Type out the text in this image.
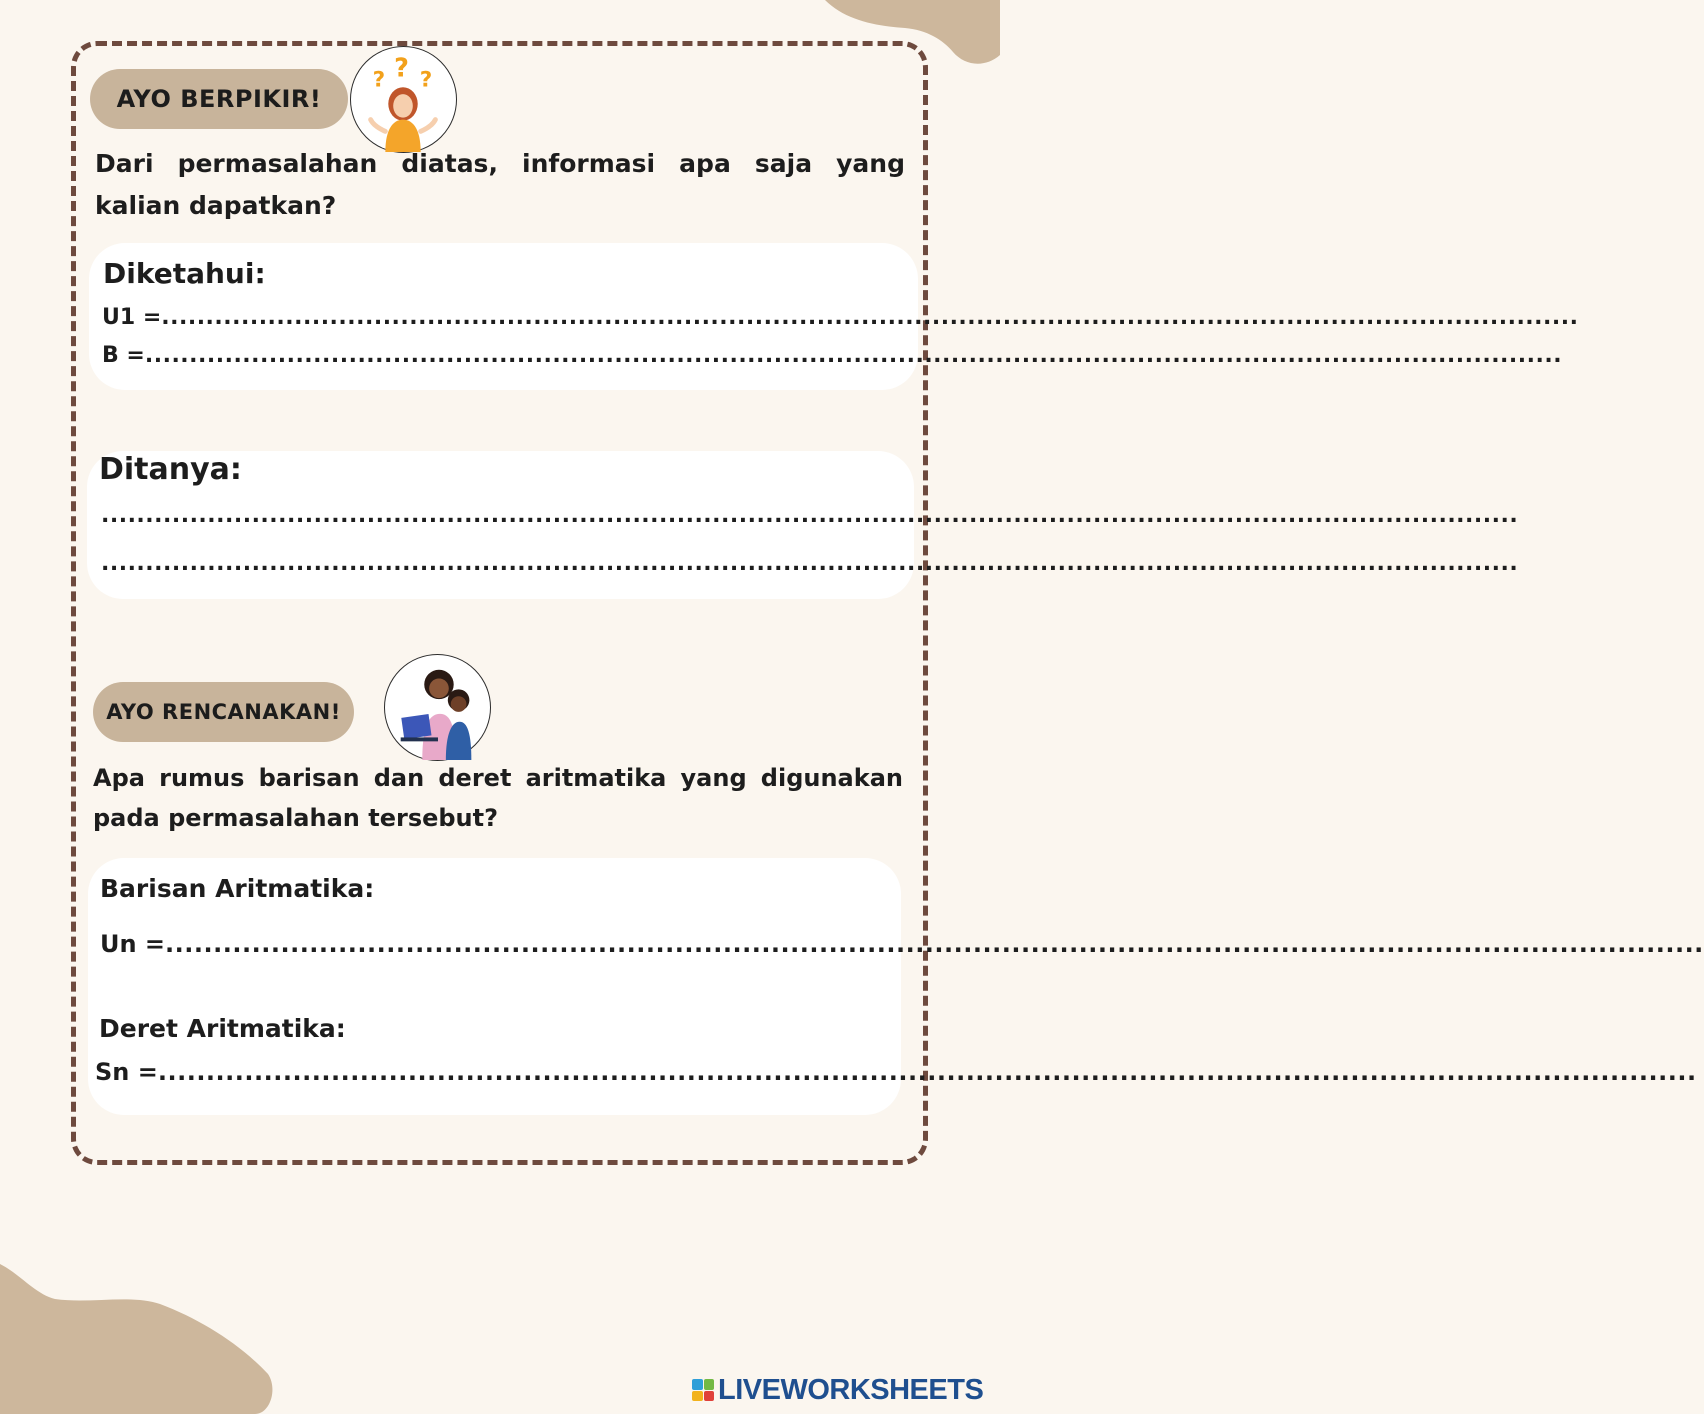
AYO BERPIKIR!
? ? ?

Dari permasalahan diatas, informasi apa saja yang kalian dapatkan?

Diketahui:
U1 = ................................................................................................................................................................
B = ................................................................................................................................................................
Ditanya:
................................................................................................................................................................
................................................................................................................................................................
AYO RENCANAKAN!

Apa rumus barisan dan deret aritmatika yang digunakan pada permasalahan tersebut?

Barisan Aritmatika:
Un = ................................................................................................................................................................
Deret Aritmatika:
Sn = ................................................................................................................................................................
LIVEWORKSHEETS
